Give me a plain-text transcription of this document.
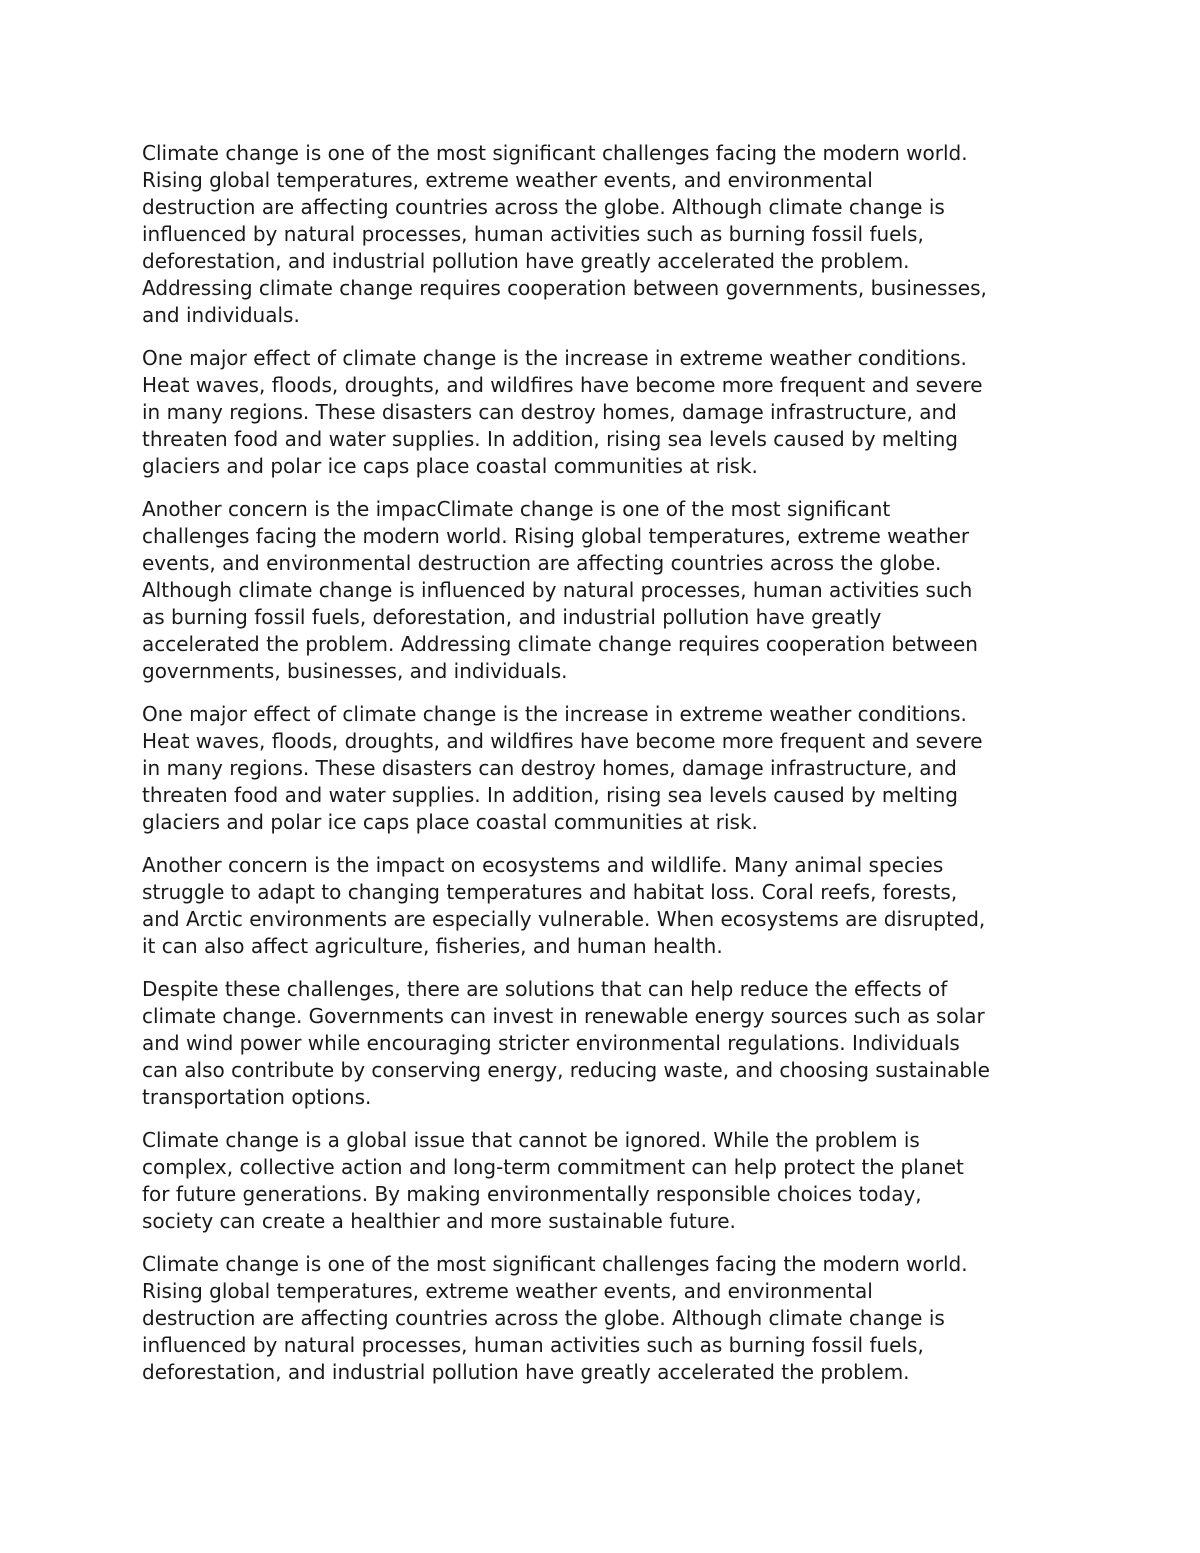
Climate change is one of the most significant challenges facing the modern world.
Rising global temperatures, extreme weather events, and environmental
destruction are affecting countries across the globe. Although climate change is
influenced by natural processes, human activities such as burning fossil fuels,
deforestation, and industrial pollution have greatly accelerated the problem.
Addressing climate change requires cooperation between governments, businesses,
and individuals.

One major effect of climate change is the increase in extreme weather conditions.
Heat waves, floods, droughts, and wildfires have become more frequent and severe
in many regions. These disasters can destroy homes, damage infrastructure, and
threaten food and water supplies. In addition, rising sea levels caused by melting
glaciers and polar ice caps place coastal communities at risk.

Another concern is the impacClimate change is one of the most significant
challenges facing the modern world. Rising global temperatures, extreme weather
events, and environmental destruction are affecting countries across the globe.
Although climate change is influenced by natural processes, human activities such
as burning fossil fuels, deforestation, and industrial pollution have greatly
accelerated the problem. Addressing climate change requires cooperation between
governments, businesses, and individuals.

One major effect of climate change is the increase in extreme weather conditions.
Heat waves, floods, droughts, and wildfires have become more frequent and severe
in many regions. These disasters can destroy homes, damage infrastructure, and
threaten food and water supplies. In addition, rising sea levels caused by melting
glaciers and polar ice caps place coastal communities at risk.

Another concern is the impact on ecosystems and wildlife. Many animal species
struggle to adapt to changing temperatures and habitat loss. Coral reefs, forests,
and Arctic environments are especially vulnerable. When ecosystems are disrupted,
it can also affect agriculture, fisheries, and human health.

Despite these challenges, there are solutions that can help reduce the effects of
climate change. Governments can invest in renewable energy sources such as solar
and wind power while encouraging stricter environmental regulations. Individuals
can also contribute by conserving energy, reducing waste, and choosing sustainable
transportation options.

Climate change is a global issue that cannot be ignored. While the problem is
complex, collective action and long-term commitment can help protect the planet
for future generations. By making environmentally responsible choices today,
society can create a healthier and more sustainable future.

Climate change is one of the most significant challenges facing the modern world.
Rising global temperatures, extreme weather events, and environmental
destruction are affecting countries across the globe. Although climate change is
influenced by natural processes, human activities such as burning fossil fuels,
deforestation, and industrial pollution have greatly accelerated the problem.
